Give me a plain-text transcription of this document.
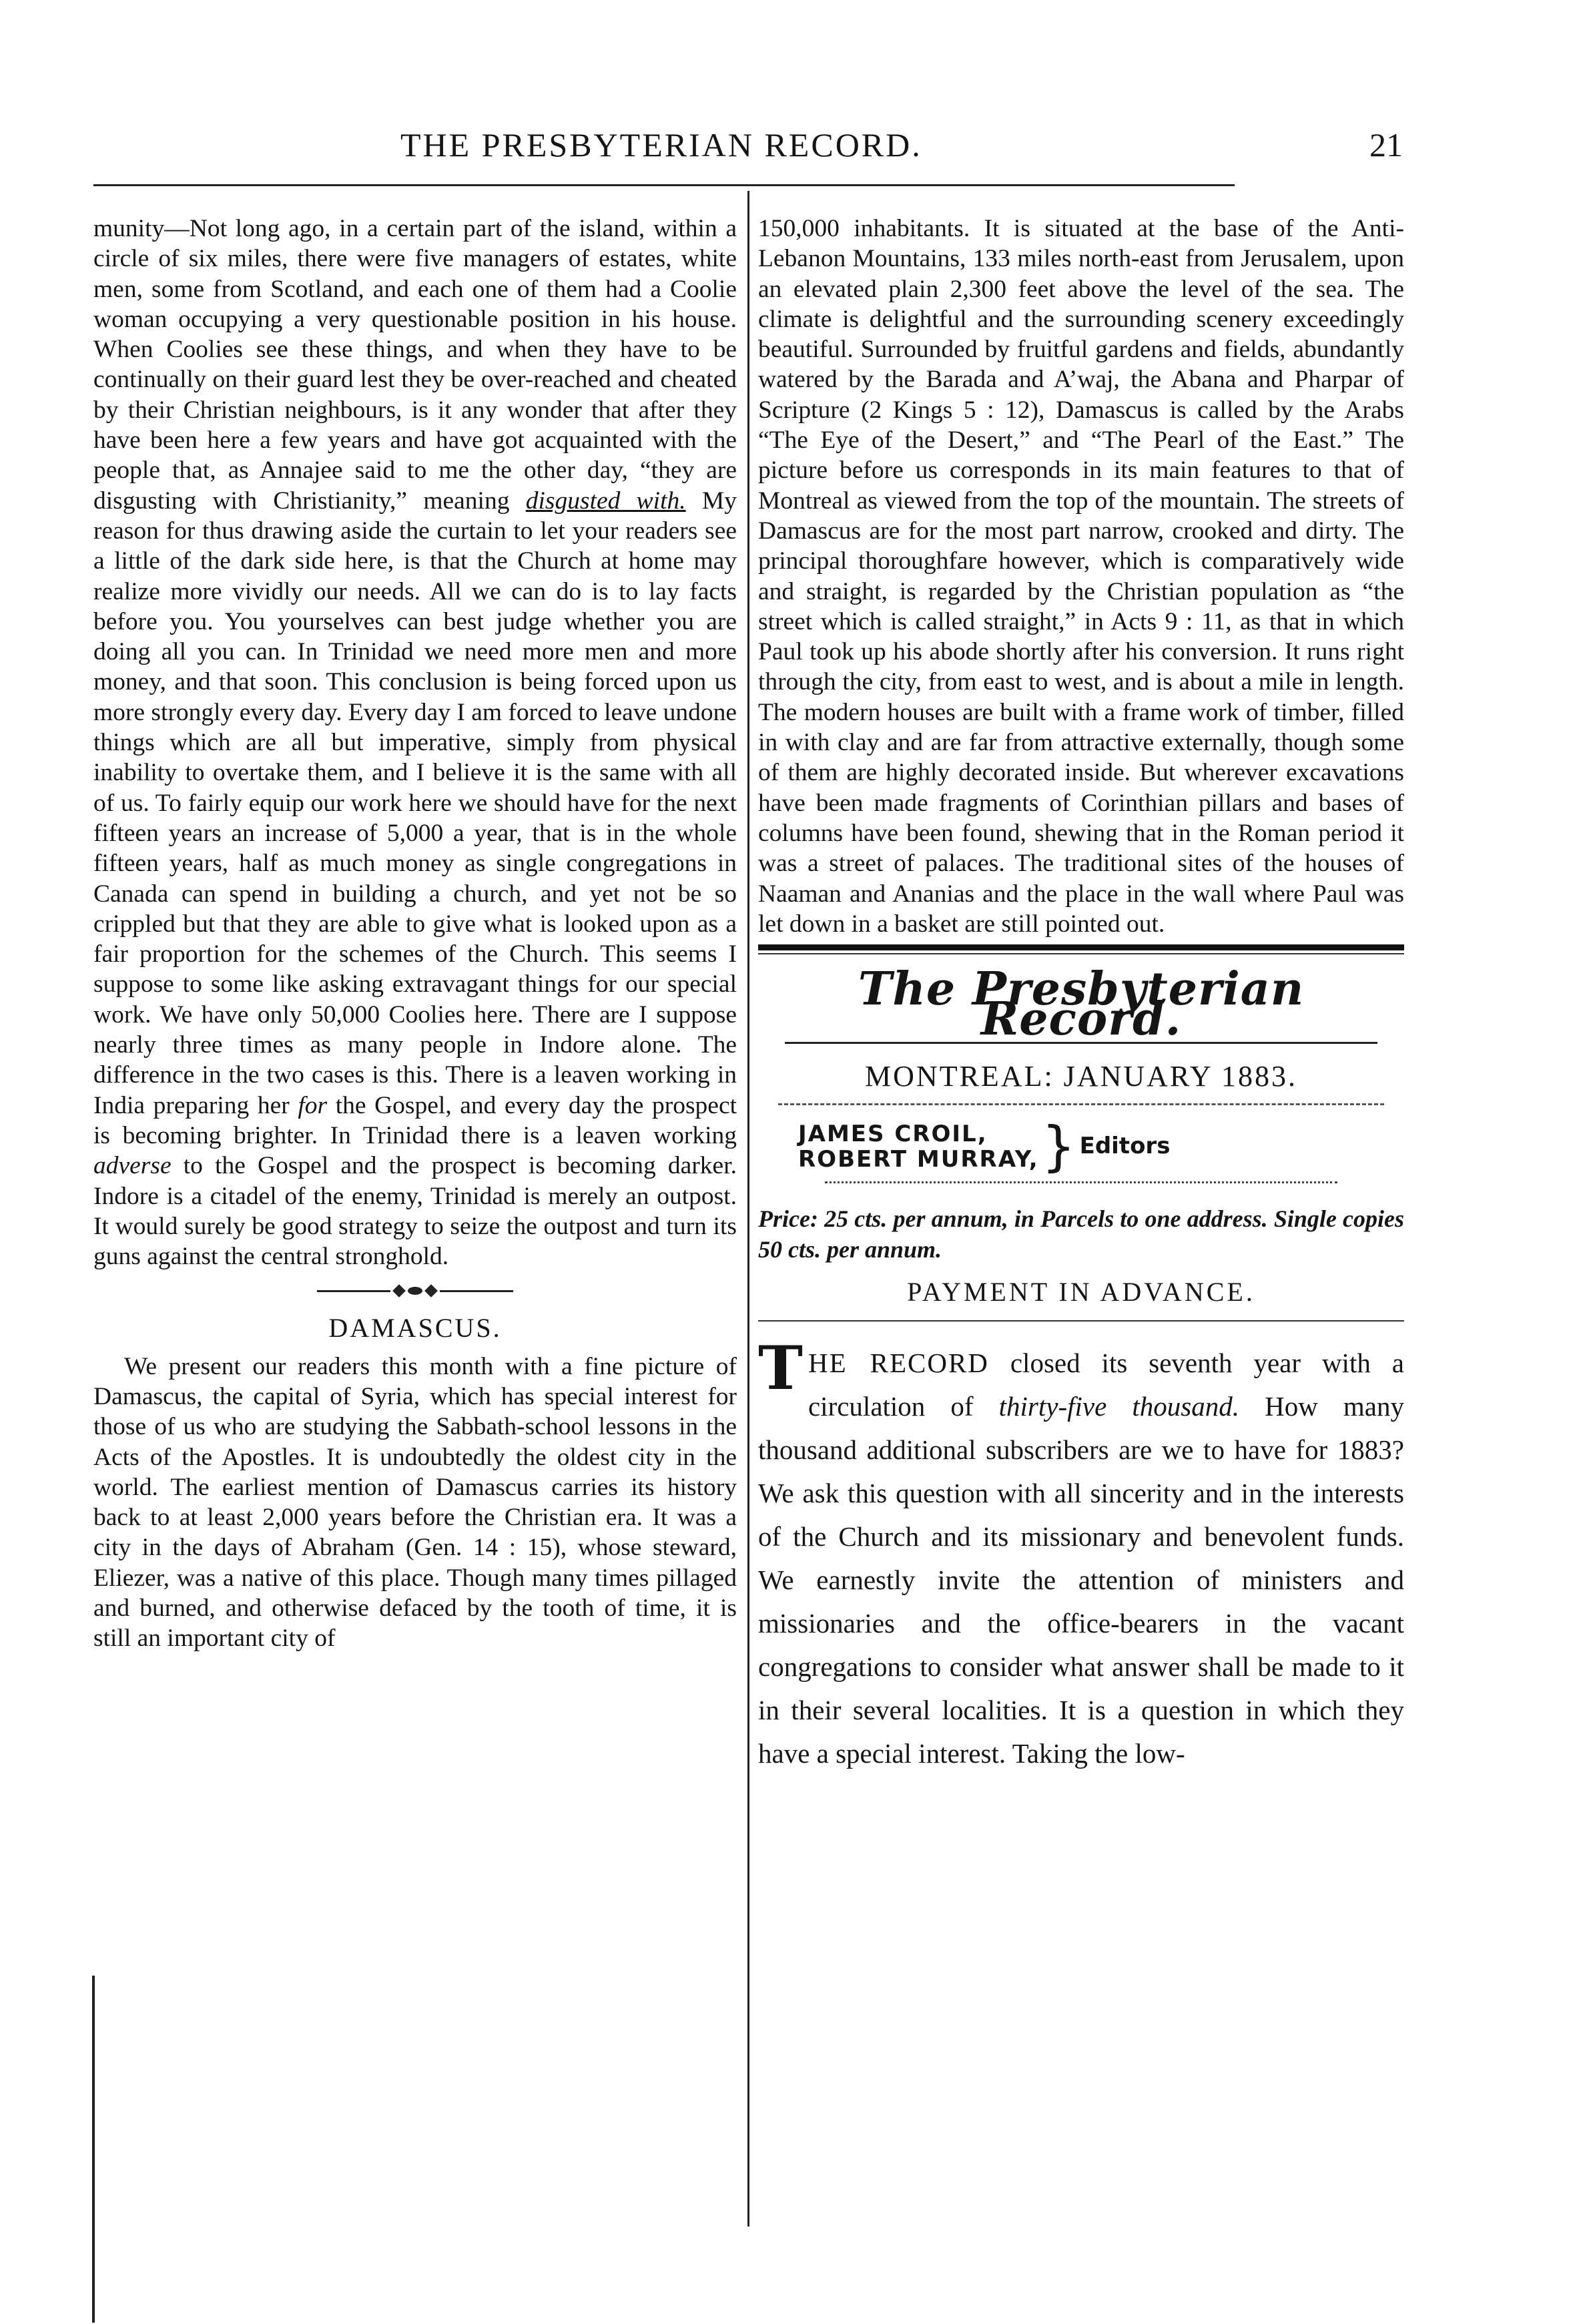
THE PRESBYTERIAN RECORD.	21

munity—Not long ago, in a certain part of the island, within a circle of six miles, there were five managers of estates, white men, some from Scotland, and each one of them had a Coolie woman occupying a very questionable position in his house. When Coolies see these things, and when they have to be continually on their guard lest they be over-reached and cheated by their Christian neighbours, is it any wonder that after they have been here a few years and have got acquainted with the people that, as Annajee said to me the other day, “they are disgusting with Christianity,” meaning disgusted with. My reason for thus drawing aside the curtain to let your readers see a little of the dark side here, is that the Church at home may realize more vividly our needs. All we can do is to lay facts before you. You yourselves can best judge whether you are doing all you can. In Trinidad we need more men and more money, and that soon. This conclusion is being forced upon us more strongly every day. Every day I am forced to leave undone things which are all but imperative, simply from physical inability to overtake them, and I believe it is the same with all of us. To fairly equip our work here we should have for the next fifteen years an increase of 5,000 a year, that is in the whole fifteen years, half as much money as single congregations in Canada can spend in building a church, and yet not be so crippled but that they are able to give what is looked upon as a fair proportion for the schemes of the Church. This seems I suppose to some like asking extravagant things for our special work. We have only 50,000 Coolies here. There are I suppose nearly three times as many people in Indore alone. The difference in the two cases is this. There is a leaven working in India preparing her for the Gospel, and every day the prospect is becoming brighter. In Trinidad there is a leaven working adverse to the Gospel and the prospect is becoming darker. Indore is a citadel of the enemy, Trinidad is merely an outpost. It would surely be good strategy to seize the outpost and turn its guns against the central stronghold.

DAMASCUS.

We present our readers this month with a fine picture of Damascus, the capital of Syria, which has special interest for those of us who are studying the Sabbath-school lessons in the Acts of the Apostles. It is undoubtedly the oldest city in the world. The earliest mention of Damascus carries its history back to at least 2,000 years before the Christian era. It was a city in the days of Abraham (Gen. 14 : 15), whose steward, Eliezer, was a native of this place. Though many times pillaged and burned, and otherwise defaced by the tooth of time, it is still an important city of

150,000 inhabitants. It is situated at the base of the Anti-Lebanon Mountains, 133 miles north-east from Jerusalem, upon an elevated plain 2,300 feet above the level of the sea. The climate is delightful and the surrounding scenery exceedingly beautiful. Surrounded by fruitful gardens and fields, abundantly watered by the Barada and A’waj, the Abana and Pharpar of Scripture (2 Kings 5 : 12), Damascus is called by the Arabs “The Eye of the Desert,” and “The Pearl of the East.” The picture before us corresponds in its main features to that of Montreal as viewed from the top of the mountain. The streets of Damascus are for the most part narrow, crooked and dirty. The principal thoroughfare however, which is comparatively wide and straight, is regarded by the Christian population as “the street which is called straight,” in Acts 9 : 11, as that in which Paul took up his abode shortly after his conversion. It runs right through the city, from east to west, and is about a mile in length. The modern houses are built with a frame work of timber, filled in with clay and are far from attractive externally, though some of them are highly decorated inside. But wherever excavations have been made fragments of Corinthian pillars and bases of columns have been found, shewing that in the Roman period it was a street of palaces. The traditional sites of the houses of Naaman and Ananias and the place in the wall where Paul was let down in a basket are still pointed out.

The Presbyterian Record.
MONTREAL: JANUARY 1883.
JAMES CROIL,
ROBERT MURRAY, } Editors
Price: 25 cts. per annum, in Parcels to one address. Single copies 50 cts. per annum.
PAYMENT IN ADVANCE.

T HE RECORD closed its seventh year with a circulation of thirty-five thousand. How many thousand additional subscribers are we to have for 1883? We ask this question with all sincerity and in the interests of the Church and its missionary and benevolent funds. We earnestly invite the attention of ministers and missionaries and the office-bearers in the vacant congregations to consider what answer shall be made to it in their several localities. It is a question in which they have a special interest. Taking the low-
